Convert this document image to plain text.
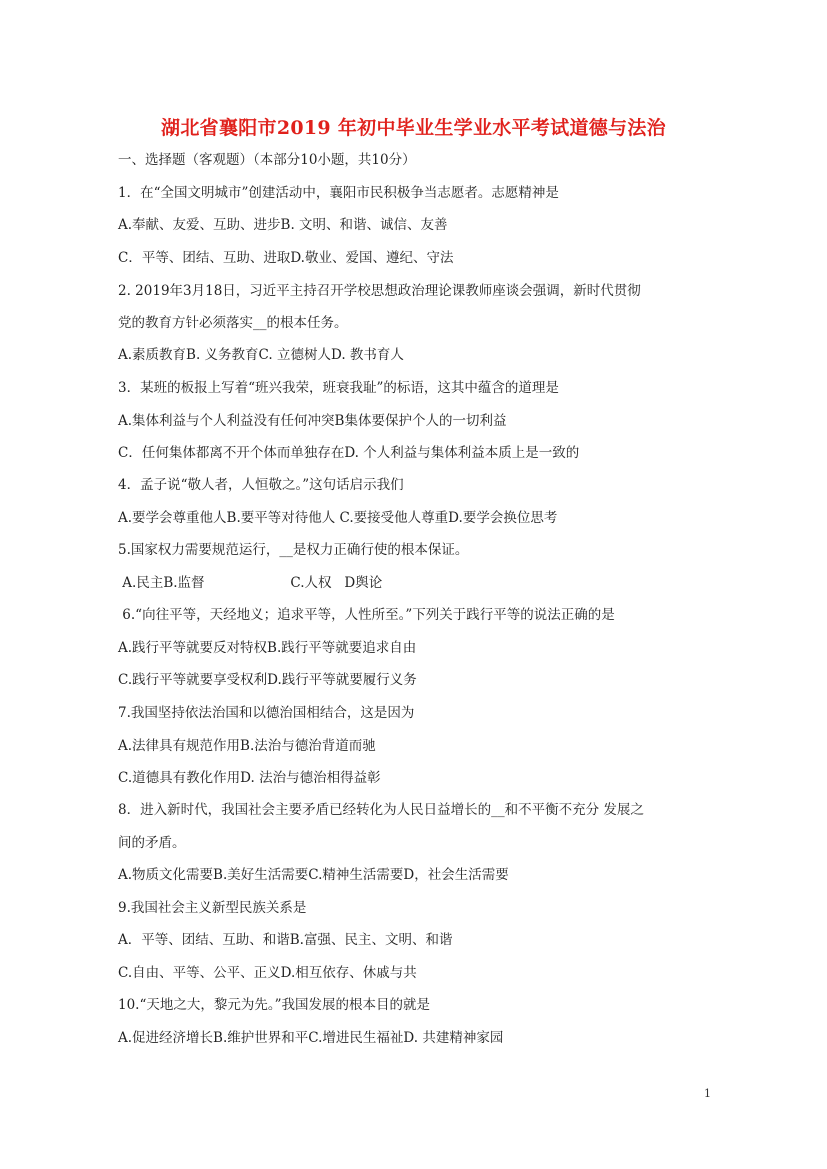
湖北省襄阳市2019 年初中毕业生学业水平考试道德与法治
一、选择题（客观题）（本部分10小题，共10分）
1．在“全国文明城市”创建活动中，襄阳市民积极争当志愿者。志愿精神是
A.奉献、友爱、互助、进步B. 文明、和谐、诚信、友善
C．平等、团结、互助、进取D.敬业、爱国、遵纪、守法
2. 2019年3月18日，习近平主持召开学校思想政治理论课教师座谈会强调，新时代贯彻
党的教育方针必须落实__的根本任务。
A.素质教育B. 义务教育C. 立德树人D. 教书育人
3．某班的板报上写着“班兴我荣，班衰我耻”的标语，这其中蕴含的道理是
A.集体利益与个人利益没有任何冲突B集体要保护个人的一切利益
C．任何集体都离不开个体而单独存在D. 个人利益与集体利益本质上是一致的
4．孟子说“敬人者，人恒敬之。”这句话启示我们
A.要学会尊重他人B.要平等对待他人 C.要接受他人尊重D.要学会换位思考
5.国家权力需要规范运行，__是权力正确行使的根本保证。
A.民主B.监督                    C.人权   D舆论
6.“向往平等，天经地义；追求平等，人性所至。”下列关于践行平等的说法正确的是
A.践行平等就要反对特权B.践行平等就要追求自由
C.践行平等就要享受权利D.践行平等就要履行义务
7.我国坚持依法治国和以德治国相结合，这是因为
A.法律具有规范作用B.法治与德治背道而驰
C.道德具有教化作用D. 法治与德治相得益彰
8．进入新时代，我国社会主要矛盾已经转化为人民日益增长的__和不平衡不充分 发展之
间的矛盾。
A.物质文化需要B.美好生活需要C.精神生活需要D，社会生活需要
9.我国社会主义新型民族关系是
A．平等、团结、互助、和谐B.富强、民主、文明、和谐
C.自由、平等、公平、正义D.相互依存、休戚与共
10.“天地之大，黎元为先。”我国发展的根本目的就是
A.促进经济增长B.维护世界和平C.增进民生福祉D. 共建精神家园
1
